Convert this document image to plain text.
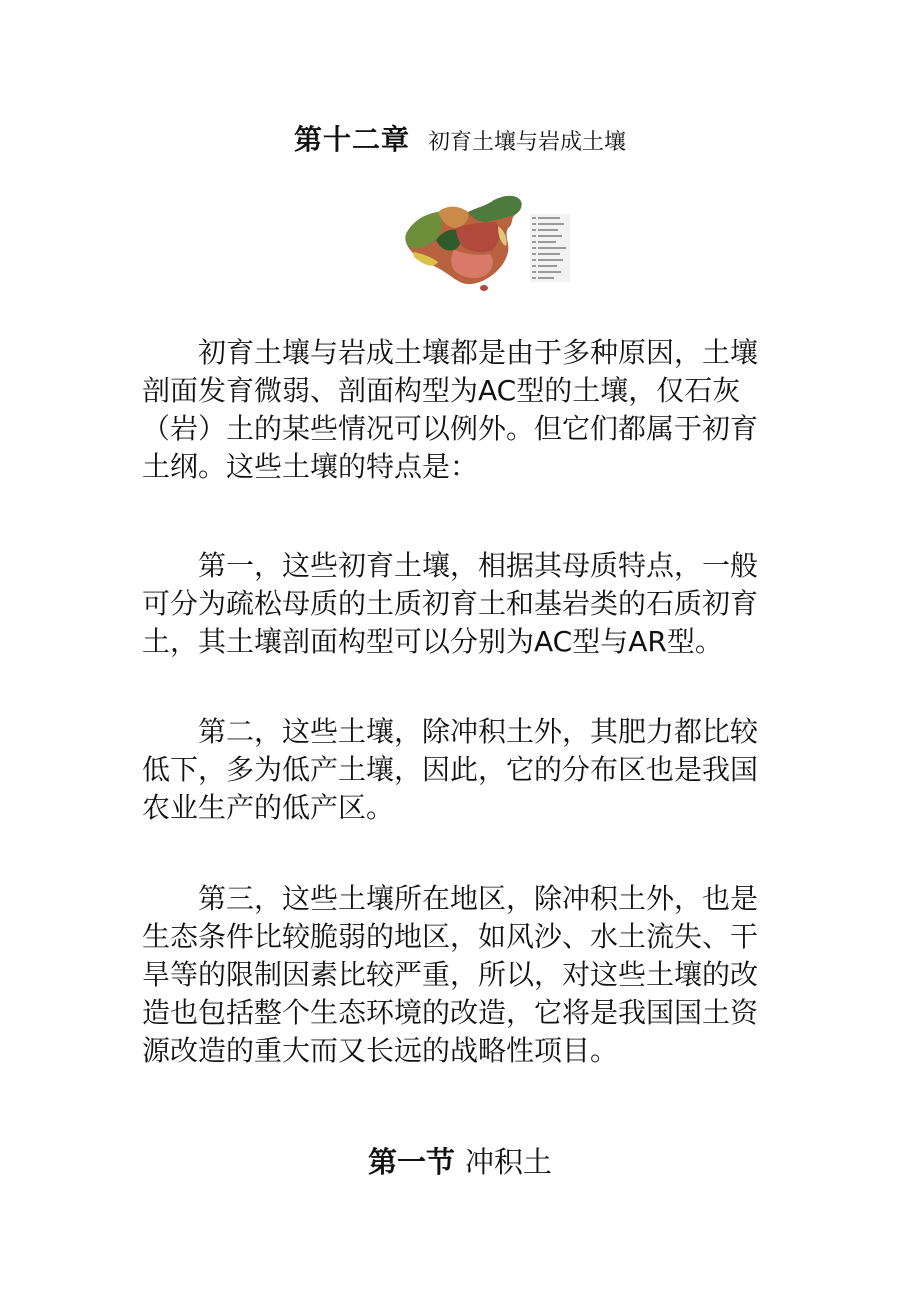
第十二章 初育土壤与岩成土壤

初育土壤与岩成土壤都是由于多种原因，土壤剖面发育微弱、剖面构型为AC型的土壤，仅石灰（岩）土的某些情况可以例外。但它们都属于初育土纲。这些土壤的特点是：

第一，这些初育土壤，相据其母质特点，一般可分为疏松母质的土质初育土和基岩类的石质初育土，其土壤剖面构型可以分别为AC型与AR型。

第二，这些土壤，除冲积土外，其肥力都比较低下，多为低产土壤，因此，它的分布区也是我国农业生产的低产区。

第三，这些土壤所在地区，除冲积土外，也是生态条件比较脆弱的地区，如风沙、水土流失、干旱等的限制因素比较严重，所以，对这些土壤的改造也包括整个生态环境的改造，它将是我国国土资源改造的重大而又长远的战略性项目。

第一节 冲积土
